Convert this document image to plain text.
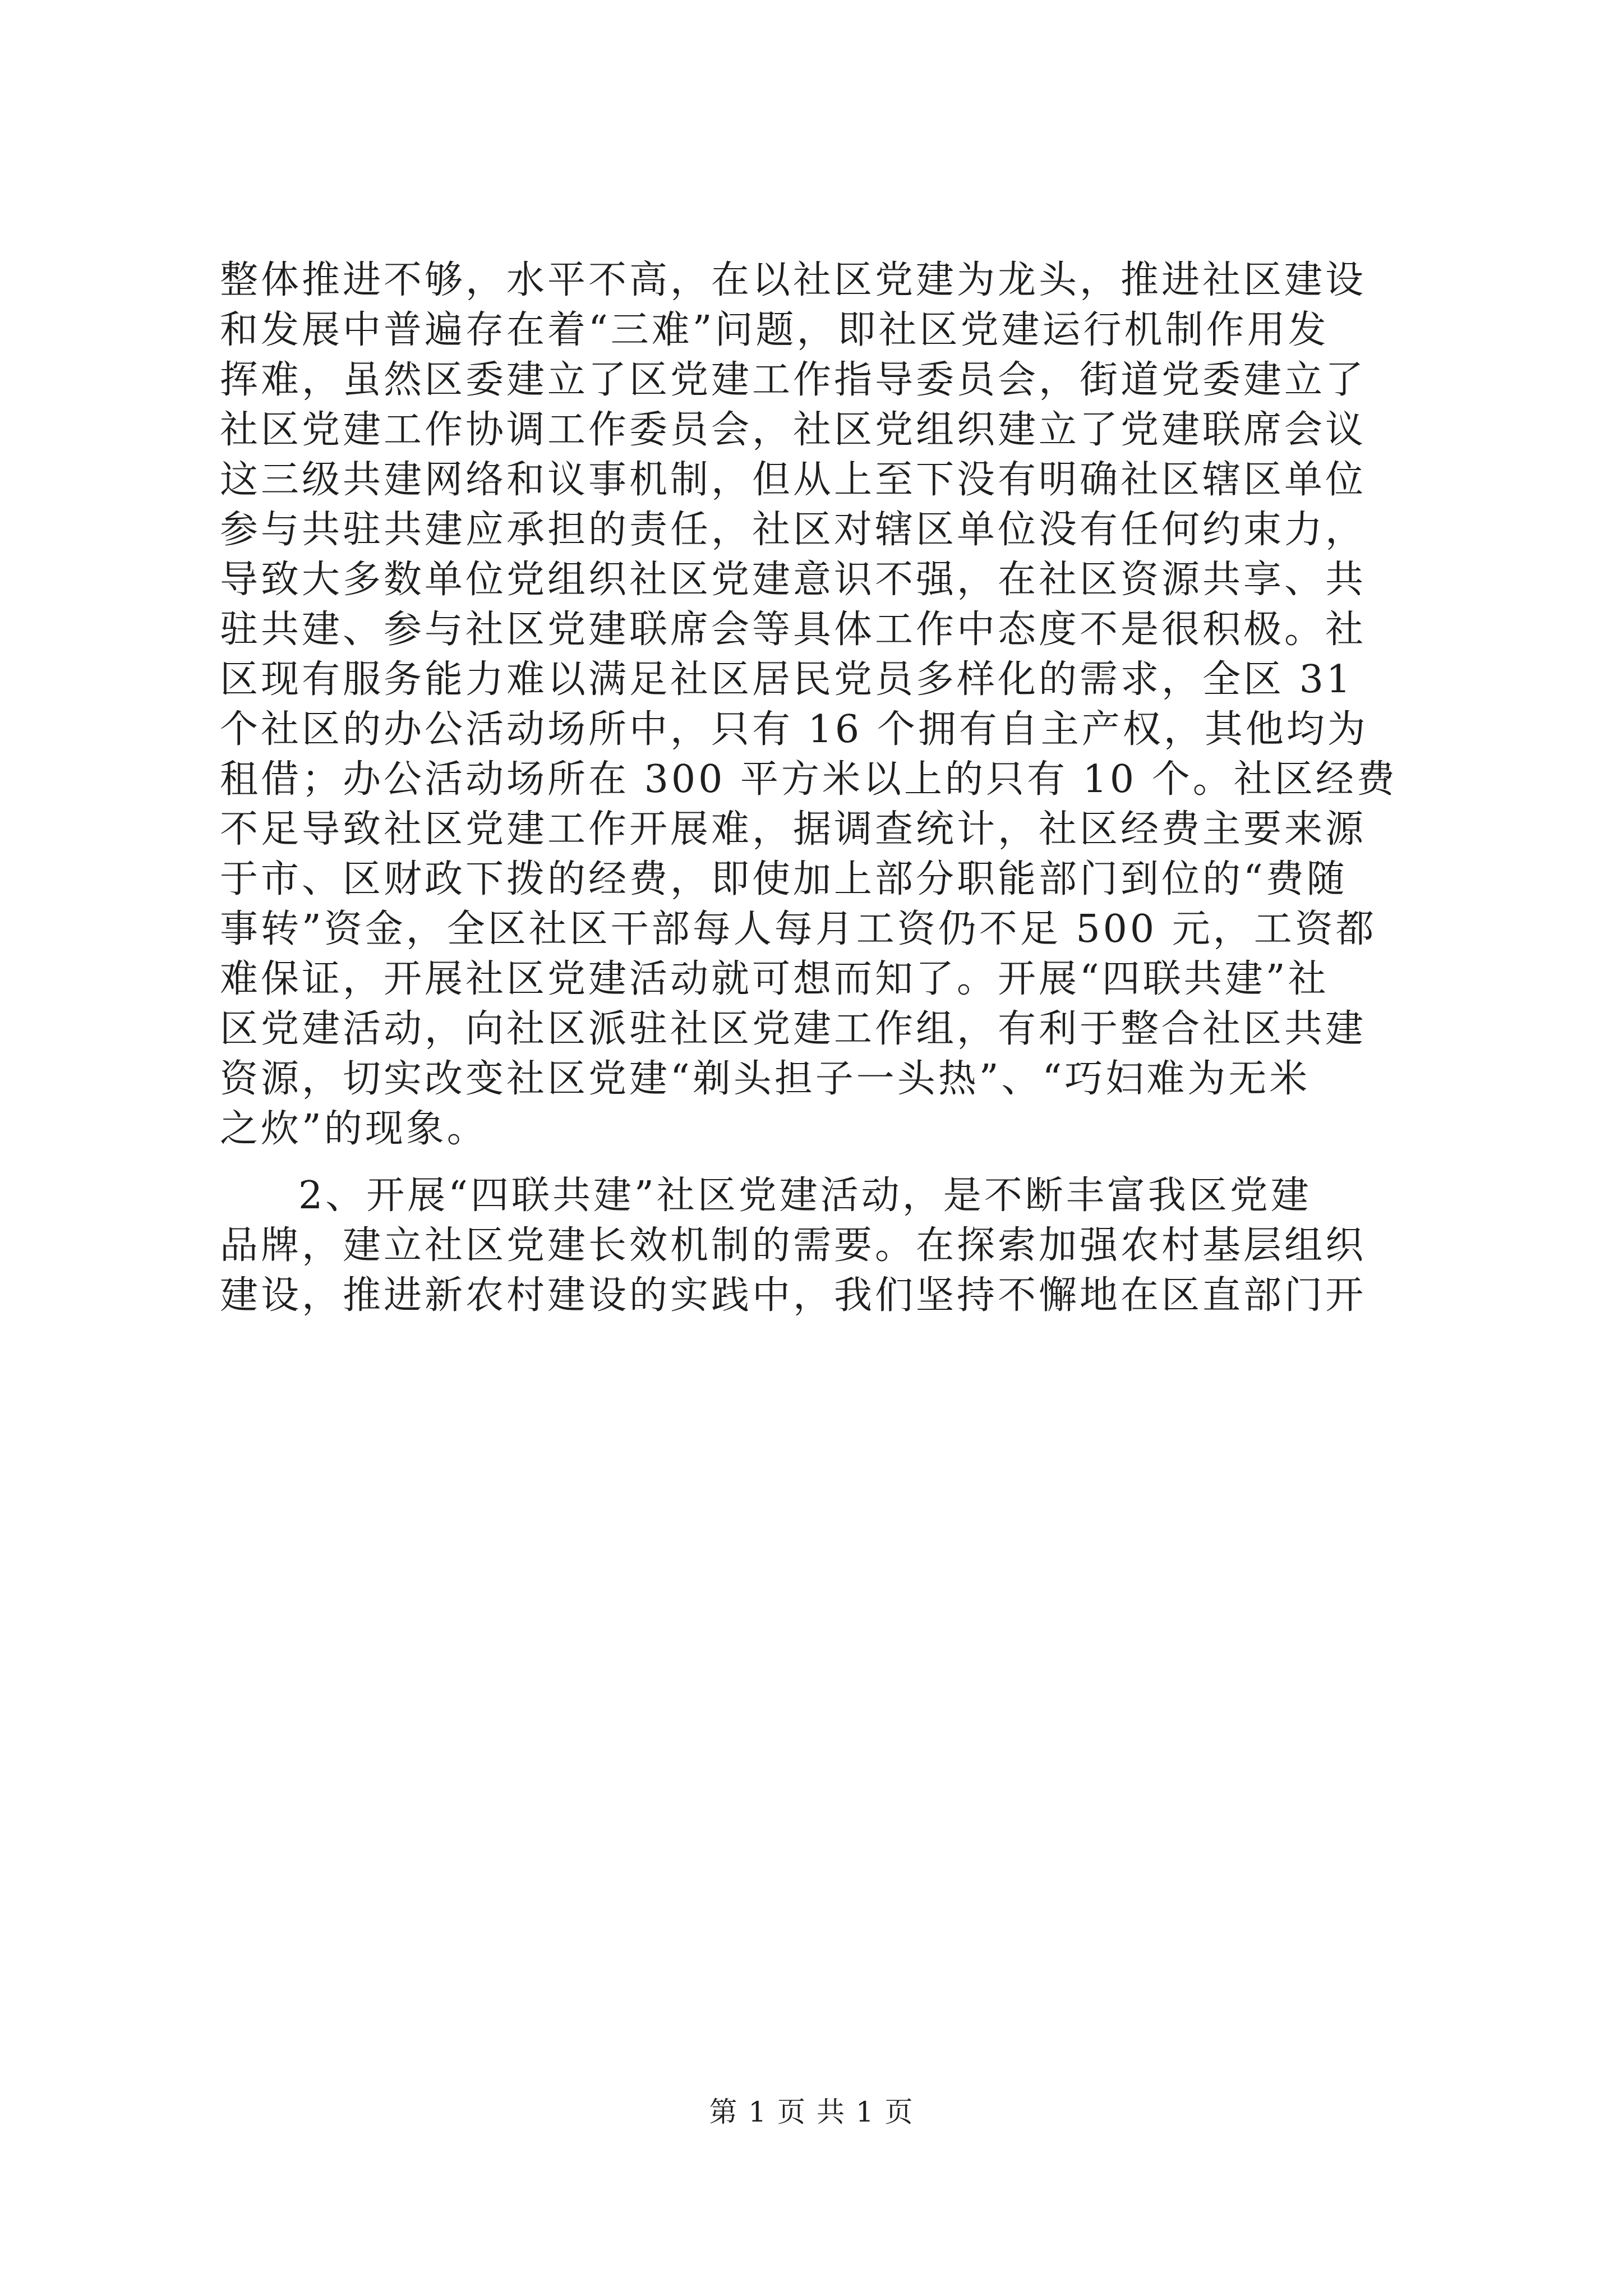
整体推进不够，水平不高，在以社区党建为龙头，推进社区建设
和发展中普遍存在着“三难”问题，即社区党建运行机制作用发
挥难，虽然区委建立了区党建工作指导委员会，街道党委建立了
社区党建工作协调工作委员会，社区党组织建立了党建联席会议
这三级共建网络和议事机制，但从上至下没有明确社区辖区单位
参与共驻共建应承担的责任，社区对辖区单位没有任何约束力，
导致大多数单位党组织社区党建意识不强，在社区资源共享、共
驻共建、参与社区党建联席会等具体工作中态度不是很积极。社
区现有服务能力难以满足社区居民党员多样化的需求，全区 31
个社区的办公活动场所中，只有 16 个拥有自主产权，其他均为
租借；办公活动场所在 300 平方米以上的只有 10 个。社区经费
不足导致社区党建工作开展难，据调查统计，社区经费主要来源
于市、区财政下拨的经费，即使加上部分职能部门到位的“费随
事转”资金，全区社区干部每人每月工资仍不足 500 元，工资都
难保证，开展社区党建活动就可想而知了。开展“四联共建”社
区党建活动，向社区派驻社区党建工作组，有利于整合社区共建
资源，切实改变社区党建“剃头担子一头热”、“巧妇难为无米
之炊”的现象。
2、开展“四联共建”社区党建活动，是不断丰富我区党建
品牌，建立社区党建长效机制的需要。在探索加强农村基层组织
建设，推进新农村建设的实践中，我们坚持不懈地在区直部门开
第 1 页 共 1 页
